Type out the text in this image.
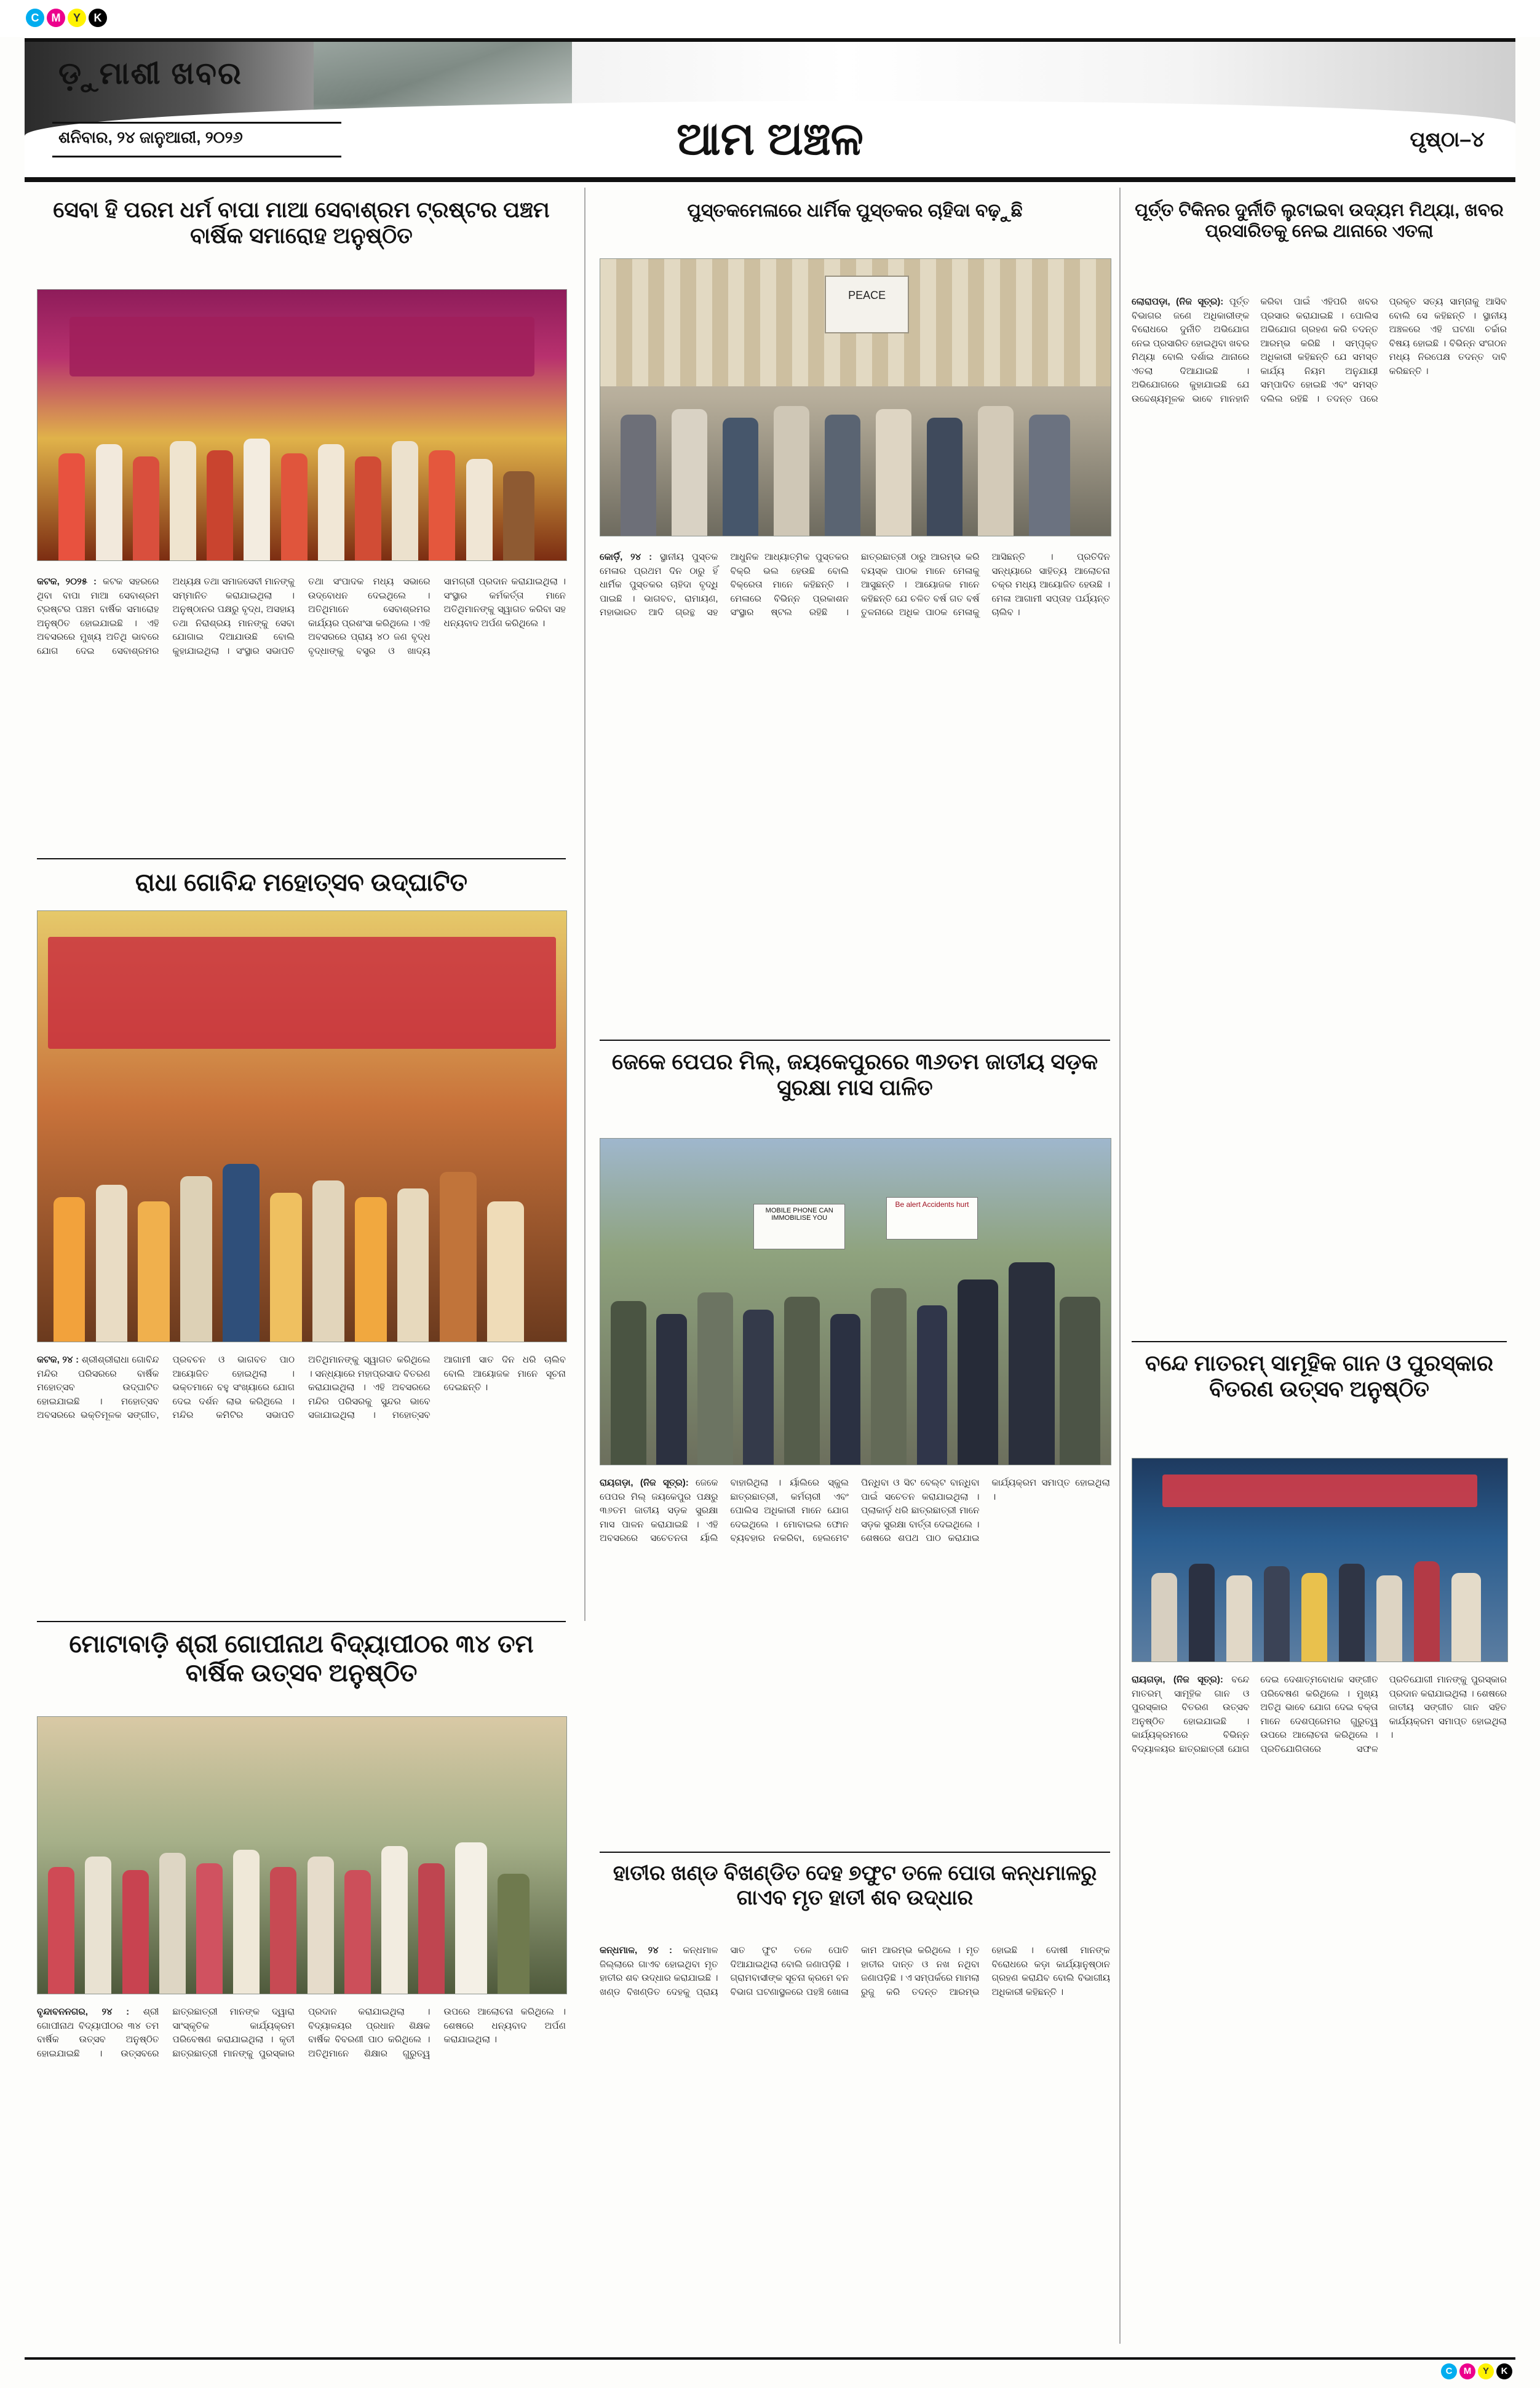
C	M	Y	K
ଡ଼ୁମାଶୀ ଖବର
ଶନିବାର, ୨୪ ଜାନୁଆରୀ, ୨୦୨୬	ଆମ ଅଞ୍ଚଳ	ପୃଷ୍ଠା–୪
ସେବା ହି ପରମ ଧର୍ମ ବାପା ମାଆ ସେବାଶ୍ରମ ଟ୍ରଷ୍ଟର ପଞ୍ଚମ ବାର୍ଷିକ ସମାରୋହ ଅନୁଷ୍ଠିତ
କଟକ, ୨୦୨୫ : କଟକ ସହରରେ ଥିବା ବାପା ମାଆ ସେବାଶ୍ରମ ଟ୍ରଷ୍ଟର ପଞ୍ଚମ ବାର୍ଷିକ ସମାରୋହ ଅନୁଷ୍ଠିତ ହୋଇଯାଇଛି । ଏହି ଅବସରରେ ମୁଖ୍ୟ ଅତିଥି ଭାବରେ ଯୋଗ ଦେଇ ସେବାଶ୍ରମର ଅଧ୍ୟକ୍ଷ ତଥା ସମାଜସେବୀ ମାନଙ୍କୁ ସମ୍ମାନିତ କରାଯାଇଥିଲା । ଅନୁଷ୍ଠାନର ପକ୍ଷରୁ ବୃଦ୍ଧ, ଅସହାୟ ତଥା ନିରାଶ୍ରୟ ମାନଙ୍କୁ ସେବା ଯୋଗାଇ ଦିଆଯାଉଛି ବୋଲି କୁହାଯାଇଥିଲା । ସଂସ୍ଥାର ସଭାପତି ତଥା ସଂପାଦକ ମଧ୍ୟ ସଭାରେ ଉଦ୍‌ବୋଧନ ଦେଇଥିଲେ । ଅତିଥିମାନେ ସେବାଶ୍ରମର କାର୍ଯ୍ୟର ପ୍ରଶଂସା କରିଥିଲେ । ଏହି ଅବସରରେ ପ୍ରାୟ ୪୦ ଜଣ ବୃଦ୍ଧ ବୃଦ୍ଧାଙ୍କୁ ବସ୍ତ୍ର ଓ ଖାଦ୍ୟ ସାମଗ୍ରୀ ପ୍ରଦାନ କରାଯାଇଥିଲା । ସଂସ୍ଥାର କର୍ମକର୍ତ୍ତା ମାନେ ଅତିଥିମାନଙ୍କୁ ସ୍ୱାଗତ କରିବା ସହ ଧନ୍ୟବାଦ ଅର୍ପଣ କରିଥିଲେ ।
ରାଧା ଗୋବିନ୍ଦ ମହୋତ୍ସବ ଉଦ୍‌ଘାଟିତ
କଟକ, ୨୪ : ଶ୍ରୀଶ୍ରୀରାଧା ଗୋବିନ୍ଦ ମନ୍ଦିର ପରିସରରେ ବାର୍ଷିକ ମହୋତ୍ସବ ଉଦ୍‌ଘାଟିତ ହୋଇଯାଇଛି । ମହୋତ୍ସବ ଅବସରରେ ଭକ୍ତିମୂଳକ ସଙ୍ଗୀତ, ପ୍ରବଚନ ଓ ଭାଗବତ ପାଠ ଆୟୋଜିତ ହୋଇଥିଲା । ଭକ୍ତମାନେ ବହୁ ସଂଖ୍ୟାରେ ଯୋଗ ଦେଇ ଦର୍ଶନ ଲାଭ କରିଥିଲେ । ମନ୍ଦିର କମିଟିର ସଭାପତି ଅତିଥିମାନଙ୍କୁ ସ୍ୱାଗତ କରିଥିଲେ । ସନ୍ଧ୍ୟାରେ ମହାପ୍ରସାଦ ବିତରଣ କରାଯାଇଥିଲା । ଏହି ଅବସରରେ ମନ୍ଦିର ପରିସରକୁ ସୁନ୍ଦର ଭାବେ ସଜାଯାଇଥିଲା । ମହୋତ୍ସବ ଆଗାମୀ ସାତ ଦିନ ଧରି ଚାଲିବ ବୋଲି ଆୟୋଜକ ମାନେ ସୂଚନା ଦେଇଛନ୍ତି ।
ମୋଟାବାଡ଼ି ଶ୍ରୀ ଗୋପୀନାଥ ବିଦ୍ୟାପୀଠର ୩୪ ତମ ବାର୍ଷିକ ଉତ୍ସବ ଅନୁଷ୍ଠିତ
ବୃନ୍ଦାବନନଗର, ୨୪ : ଶ୍ରୀ ଗୋପୀନାଥ ବିଦ୍ୟାପୀଠର ୩୪ ତମ ବାର୍ଷିକ ଉତ୍ସବ ଅନୁଷ୍ଠିତ ହୋଇଯାଇଛି । ଉତ୍ସବରେ ଛାତ୍ରଛାତ୍ରୀ ମାନଙ୍କ ଦ୍ୱାରା ସାଂସ୍କୃତିକ କାର୍ଯ୍ୟକ୍ରମ ପରିବେଷଣ କରାଯାଇଥିଲା । କୃତୀ ଛାତ୍ରଛାତ୍ରୀ ମାନଙ୍କୁ ପୁରସ୍କାର ପ୍ରଦାନ କରାଯାଇଥିଲା । ବିଦ୍ୟାଳୟର ପ୍ରଧାନ ଶିକ୍ଷକ ବାର୍ଷିକ ବିବରଣୀ ପାଠ କରିଥିଲେ । ଅତିଥିମାନେ ଶିକ୍ଷାର ଗୁରୁତ୍ୱ ଉପରେ ଆଲୋଚନା କରିଥିଲେ । ଶେଷରେ ଧନ୍ୟବାଦ ଅର୍ପଣ କରାଯାଇଥିଲା ।
ପୁସ୍ତକମେଳାରେ ଧାର୍ମିକ ପୁସ୍ତକର ଚାହିଦା ବଢ଼ୁଛି
PEACE
କୋର୍ଡ଼ି, ୨୪ : ସ୍ଥାନୀୟ ପୁସ୍ତକ ମେଳାର ପ୍ରଥମ ଦିନ ଠାରୁ ହିଁ ଧାର୍ମିକ ପୁସ୍ତକର ଚାହିଦା ବୃଦ୍ଧି ପାଇଛି । ଭାଗବତ, ରାମାୟଣ, ମହାଭାରତ ଆଦି ଗ୍ରନ୍ଥ ସହ ଆଧୁନିକ ଆଧ୍ୟାତ୍ମିକ ପୁସ୍ତକର ବିକ୍ରି ଭଲ ହେଉଛି ବୋଲି ବିକ୍ରେତା ମାନେ କହିଛନ୍ତି । ମେଳାରେ ବିଭିନ୍ନ ପ୍ରକାଶନ ସଂସ୍ଥାର ଷ୍ଟଲ ରହିଛି । ଛାତ୍ରଛାତ୍ରୀ ଠାରୁ ଆରମ୍ଭ କରି ବୟସ୍କ ପାଠକ ମାନେ ମେଳାକୁ ଆସୁଛନ୍ତି । ଆୟୋଜକ ମାନେ କହିଛନ୍ତି ଯେ ଚଳିତ ବର୍ଷ ଗତ ବର୍ଷ ତୁଳନାରେ ଅଧିକ ପାଠକ ମେଳାକୁ ଆସିଛନ୍ତି । ପ୍ରତିଦିନ ସନ୍ଧ୍ୟାରେ ସାହିତ୍ୟ ଆଲୋଚନା ଚକ୍ର ମଧ୍ୟ ଆୟୋଜିତ ହେଉଛି । ମେଳା ଆଗାମୀ ସପ୍ତାହ ପର୍ଯ୍ୟନ୍ତ ଚାଲିବ ।
ଜେକେ ପେପର ମିଲ୍‌, ଜୟକେପୁରରେ ୩୬ତମ ଜାତୀୟ ସଡ଼କ ସୁରକ୍ଷା ମାସ ପାଳିତ
MOBILE PHONE CAN IMMOBILISE YOU
Be alert Accidents hurt
ରାୟଗଡ଼ା, (ନିଜ ସୂତ୍ର): ଜେକେ ପେପର ମିଲ୍‌ ଜୟକେପୁର ପକ୍ଷରୁ ୩୬ତମ ଜାତୀୟ ସଡ଼କ ସୁରକ୍ଷା ମାସ ପାଳନ କରାଯାଇଛି । ଏହି ଅବସରରେ ସଚେତନତା ର୍ୟାଲି ବାହାରିଥିଲା । ର୍ୟାଲିରେ ସ୍କୁଲ ଛାତ୍ରଛାତ୍ରୀ, କର୍ମଚାରୀ ଏବଂ ପୋଲିସ ଅଧିକାରୀ ମାନେ ଯୋଗ ଦେଇଥିଲେ । ମୋବାଇଲ ଫୋନ ବ୍ୟବହାର ନକରିବା, ହେଲମେଟ ପିନ୍ଧିବା ଓ ସିଟ ବେଲ୍ଟ ବାନ୍ଧିବା ପାଇଁ ସଚେତନ କରାଯାଇଥିଲା । ପ୍ଲାକାର୍ଡ଼ ଧରି ଛାତ୍ରଛାତ୍ରୀ ମାନେ ସଡ଼କ ସୁରକ୍ଷା ବାର୍ତ୍ତା ଦେଇଥିଲେ । ଶେଷରେ ଶପଥ ପାଠ କରାଯାଇ କାର୍ଯ୍ୟକ୍ରମ ସମାପ୍ତ ହୋଇଥିଲା ।
ହାତୀର ଖଣ୍ଡ ବିଖଣ୍ଡିତ ଦେହ ୭ଫୁଟ ତଳେ ପୋତା କନ୍ଧମାଳରୁ ଗାଏବ ମୃତ ହାତୀ ଶବ ଉଦ୍ଧାର
କନ୍ଧମାଳ, ୨୪ : କନ୍ଧମାଳ ଜିଲ୍ଲାରେ ଗାଏବ ହୋଇଥିବା ମୃତ ହାତୀର ଶବ ଉଦ୍ଧାର କରାଯାଇଛି । ଖଣ୍ଡ ବିଖଣ୍ଡିତ ଦେହକୁ ପ୍ରାୟ ସାତ ଫୁଟ ତଳେ ପୋତି ଦିଆଯାଇଥିଲା ବୋଲି ଜଣାପଡ଼ିଛି । ଗ୍ରାମବାସୀଙ୍କ ସୂଚନା କ୍ରମେ ବନ ବିଭାଗ ଘଟଣାସ୍ଥଳରେ ପହଞ୍ଚି ଖୋଳା କାମ ଆରମ୍ଭ କରିଥିଲେ । ମୃତ ହାତୀର ଦାନ୍ତ ଓ ନଖ ନଥିବା ଜଣାପଡ଼ିଛି । ଏ ସମ୍ପର୍କରେ ମାମଲା ରୁଜୁ କରି ତଦନ୍ତ ଆରମ୍ଭ ହୋଇଛି । ଦୋଷୀ ମାନଙ୍କ ବିରୋଧରେ କଡ଼ା କାର୍ଯ୍ୟାନୁଷ୍ଠାନ ଗ୍ରହଣ କରାଯିବ ବୋଲି ବିଭାଗୀୟ ଅଧିକାରୀ କହିଛନ୍ତି ।
ପୂର୍ତ୍ତ ଟିକିନର ଦୁର୍ନୀତି ଲୁଟାଇବା ଉଦ୍ୟମ ମିଥ୍ୟା, ଖବର ପ୍ରସାରିତକୁ ନେଇ ଥାନାରେ ଏତଲା
ଲୋରାପଡ଼ା, (ନିଜ ସୂତ୍ର): ପୂର୍ତ୍ତ ବିଭାଗର ଜଣେ ଅଧିକାରୀଙ୍କ ବିରୋଧରେ ଦୁର୍ନୀତି ଅଭିଯୋଗ ନେଇ ପ୍ରସାରିତ ହୋଇଥିବା ଖବର ମିଥ୍ୟା ବୋଲି ଦର୍ଶାଇ ଥାନାରେ ଏତଲା ଦିଆଯାଇଛି । ଅଭିଯୋଗରେ କୁହାଯାଇଛି ଯେ ଉଦ୍ଦେଶ୍ୟମୂଳକ ଭାବେ ମାନହାନି କରିବା ପାଇଁ ଏହିପରି ଖବର ପ୍ରସାର କରାଯାଇଛି । ପୋଲିସ ଅଭିଯୋଗ ଗ୍ରହଣ କରି ତଦନ୍ତ ଆରମ୍ଭ କରିଛି । ସମ୍ପୃକ୍ତ ଅଧିକାରୀ କହିଛନ୍ତି ଯେ ସମସ୍ତ କାର୍ଯ୍ୟ ନିୟମ ଅନୁଯାୟୀ ସମ୍ପାଦିତ ହୋଇଛି ଏବଂ ସମସ୍ତ ଦଲିଲ ରହିଛି । ତଦନ୍ତ ପରେ ପ୍ରକୃତ ସତ୍ୟ ସାମ୍ନାକୁ ଆସିବ ବୋଲି ସେ କହିଛନ୍ତି । ସ୍ଥାନୀୟ ଅଞ୍ଚଳରେ ଏହି ଘଟଣା ଚର୍ଚ୍ଚାର ବିଷୟ ହୋଇଛି । ବିଭିନ୍ନ ସଂଗଠନ ମଧ୍ୟ ନିରପେକ୍ଷ ତଦନ୍ତ ଦାବି କରିଛନ୍ତି ।
ବନ୍ଦେ ମାତରମ୍ ସାମୂହିକ ଗାନ ଓ ପୁରସ୍କାର ବିତରଣ ଉତ୍ସବ ଅନୁଷ୍ଠିତ
ରାୟଗଡ଼ା, (ନିଜ ସୂତ୍ର): ବନ୍ଦେ ମାତରମ୍ ସାମୂହିକ ଗାନ ଓ ପୁରସ୍କାର ବିତରଣ ଉତ୍ସବ ଅନୁଷ୍ଠିତ ହୋଇଯାଇଛି । କାର୍ଯ୍ୟକ୍ରମରେ ବିଭିନ୍ନ ବିଦ୍ୟାଳୟର ଛାତ୍ରଛାତ୍ରୀ ଯୋଗ ଦେଇ ଦେଶାତ୍ମବୋଧକ ସଙ୍ଗୀତ ପରିବେଷଣ କରିଥିଲେ । ମୁଖ୍ୟ ଅତିଥି ଭାବେ ଯୋଗ ଦେଇ ବକ୍ତା ମାନେ ଦେଶପ୍ରେମର ଗୁରୁତ୍ୱ ଉପରେ ଆଲୋଚନା କରିଥିଲେ । ପ୍ରତିଯୋଗିତାରେ ସଫଳ ପ୍ରତିଯୋଗୀ ମାନଙ୍କୁ ପୁରସ୍କାର ପ୍ରଦାନ କରାଯାଇଥିଲା । ଶେଷରେ ଜାତୀୟ ସଙ୍ଗୀତ ଗାନ ସହିତ କାର୍ଯ୍ୟକ୍ରମ ସମାପ୍ତ ହୋଇଥିଲା ।
C	M	Y	K
